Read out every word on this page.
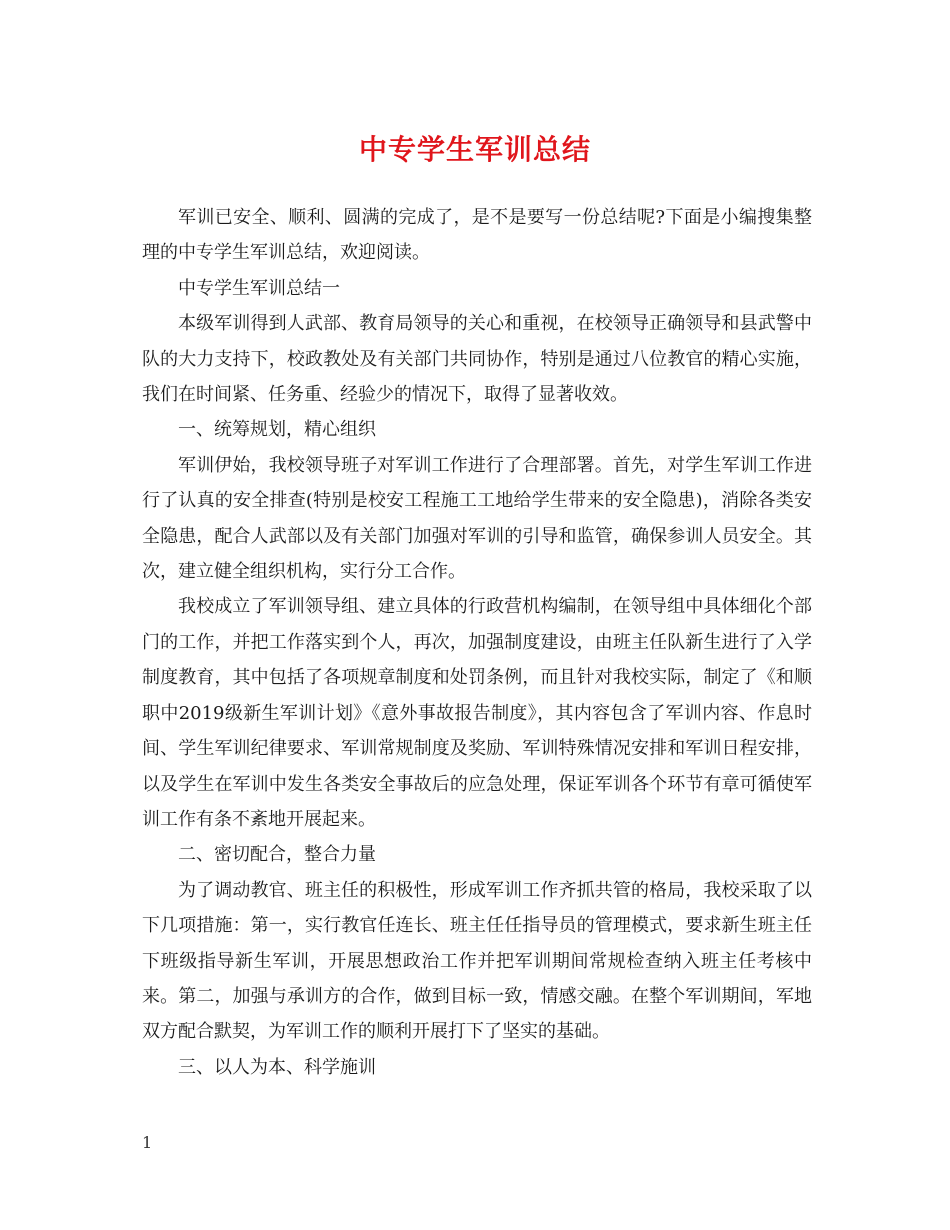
中专学生军训总结

军训已安全、顺利、圆满的完成了，是不是要写一份总结呢?下面是小编搜集整理的中专学生军训总结，欢迎阅读。

中专学生军训总结一

本级军训得到人武部、教育局领导的关心和重视，在校领导正确领导和县武警中队的大力支持下，校政教处及有关部门共同协作，特别是通过八位教官的精心实施，我们在时间紧、任务重、经验少的情况下，取得了显著收效。

一、统筹规划，精心组织

军训伊始，我校领导班子对军训工作进行了合理部署。首先，对学生军训工作进行了认真的安全排查(特别是校安工程施工工地给学生带来的安全隐患)，消除各类安全隐患，配合人武部以及有关部门加强对军训的引导和监管，确保参训人员安全。其次，建立健全组织机构，实行分工合作。

我校成立了军训领导组、建立具体的行政营机构编制，在领导组中具体细化个部门的工作，并把工作落实到个人，再次，加强制度建设，由班主任队新生进行了入学制度教育，其中包括了各项规章制度和处罚条例，而且针对我校实际，制定了《和顺职中2019级新生军训计划》《意外事故报告制度》，其内容包含了军训内容、作息时间、学生军训纪律要求、军训常规制度及奖励、军训特殊情况安排和军训日程安排，以及学生在军训中发生各类安全事故后的应急处理，保证军训各个环节有章可循使军训工作有条不紊地开展起来。

二、密切配合，整合力量

为了调动教官、班主任的积极性，形成军训工作齐抓共管的格局，我校采取了以下几项措施：第一，实行教官任连长、班主任任指导员的管理模式，要求新生班主任下班级指导新生军训，开展思想政治工作并把军训期间常规检查纳入班主任考核中来。第二，加强与承训方的合作，做到目标一致，情感交融。在整个军训期间，军地双方配合默契，为军训工作的顺利开展打下了坚实的基础。

三、以人为本、科学施训

1
